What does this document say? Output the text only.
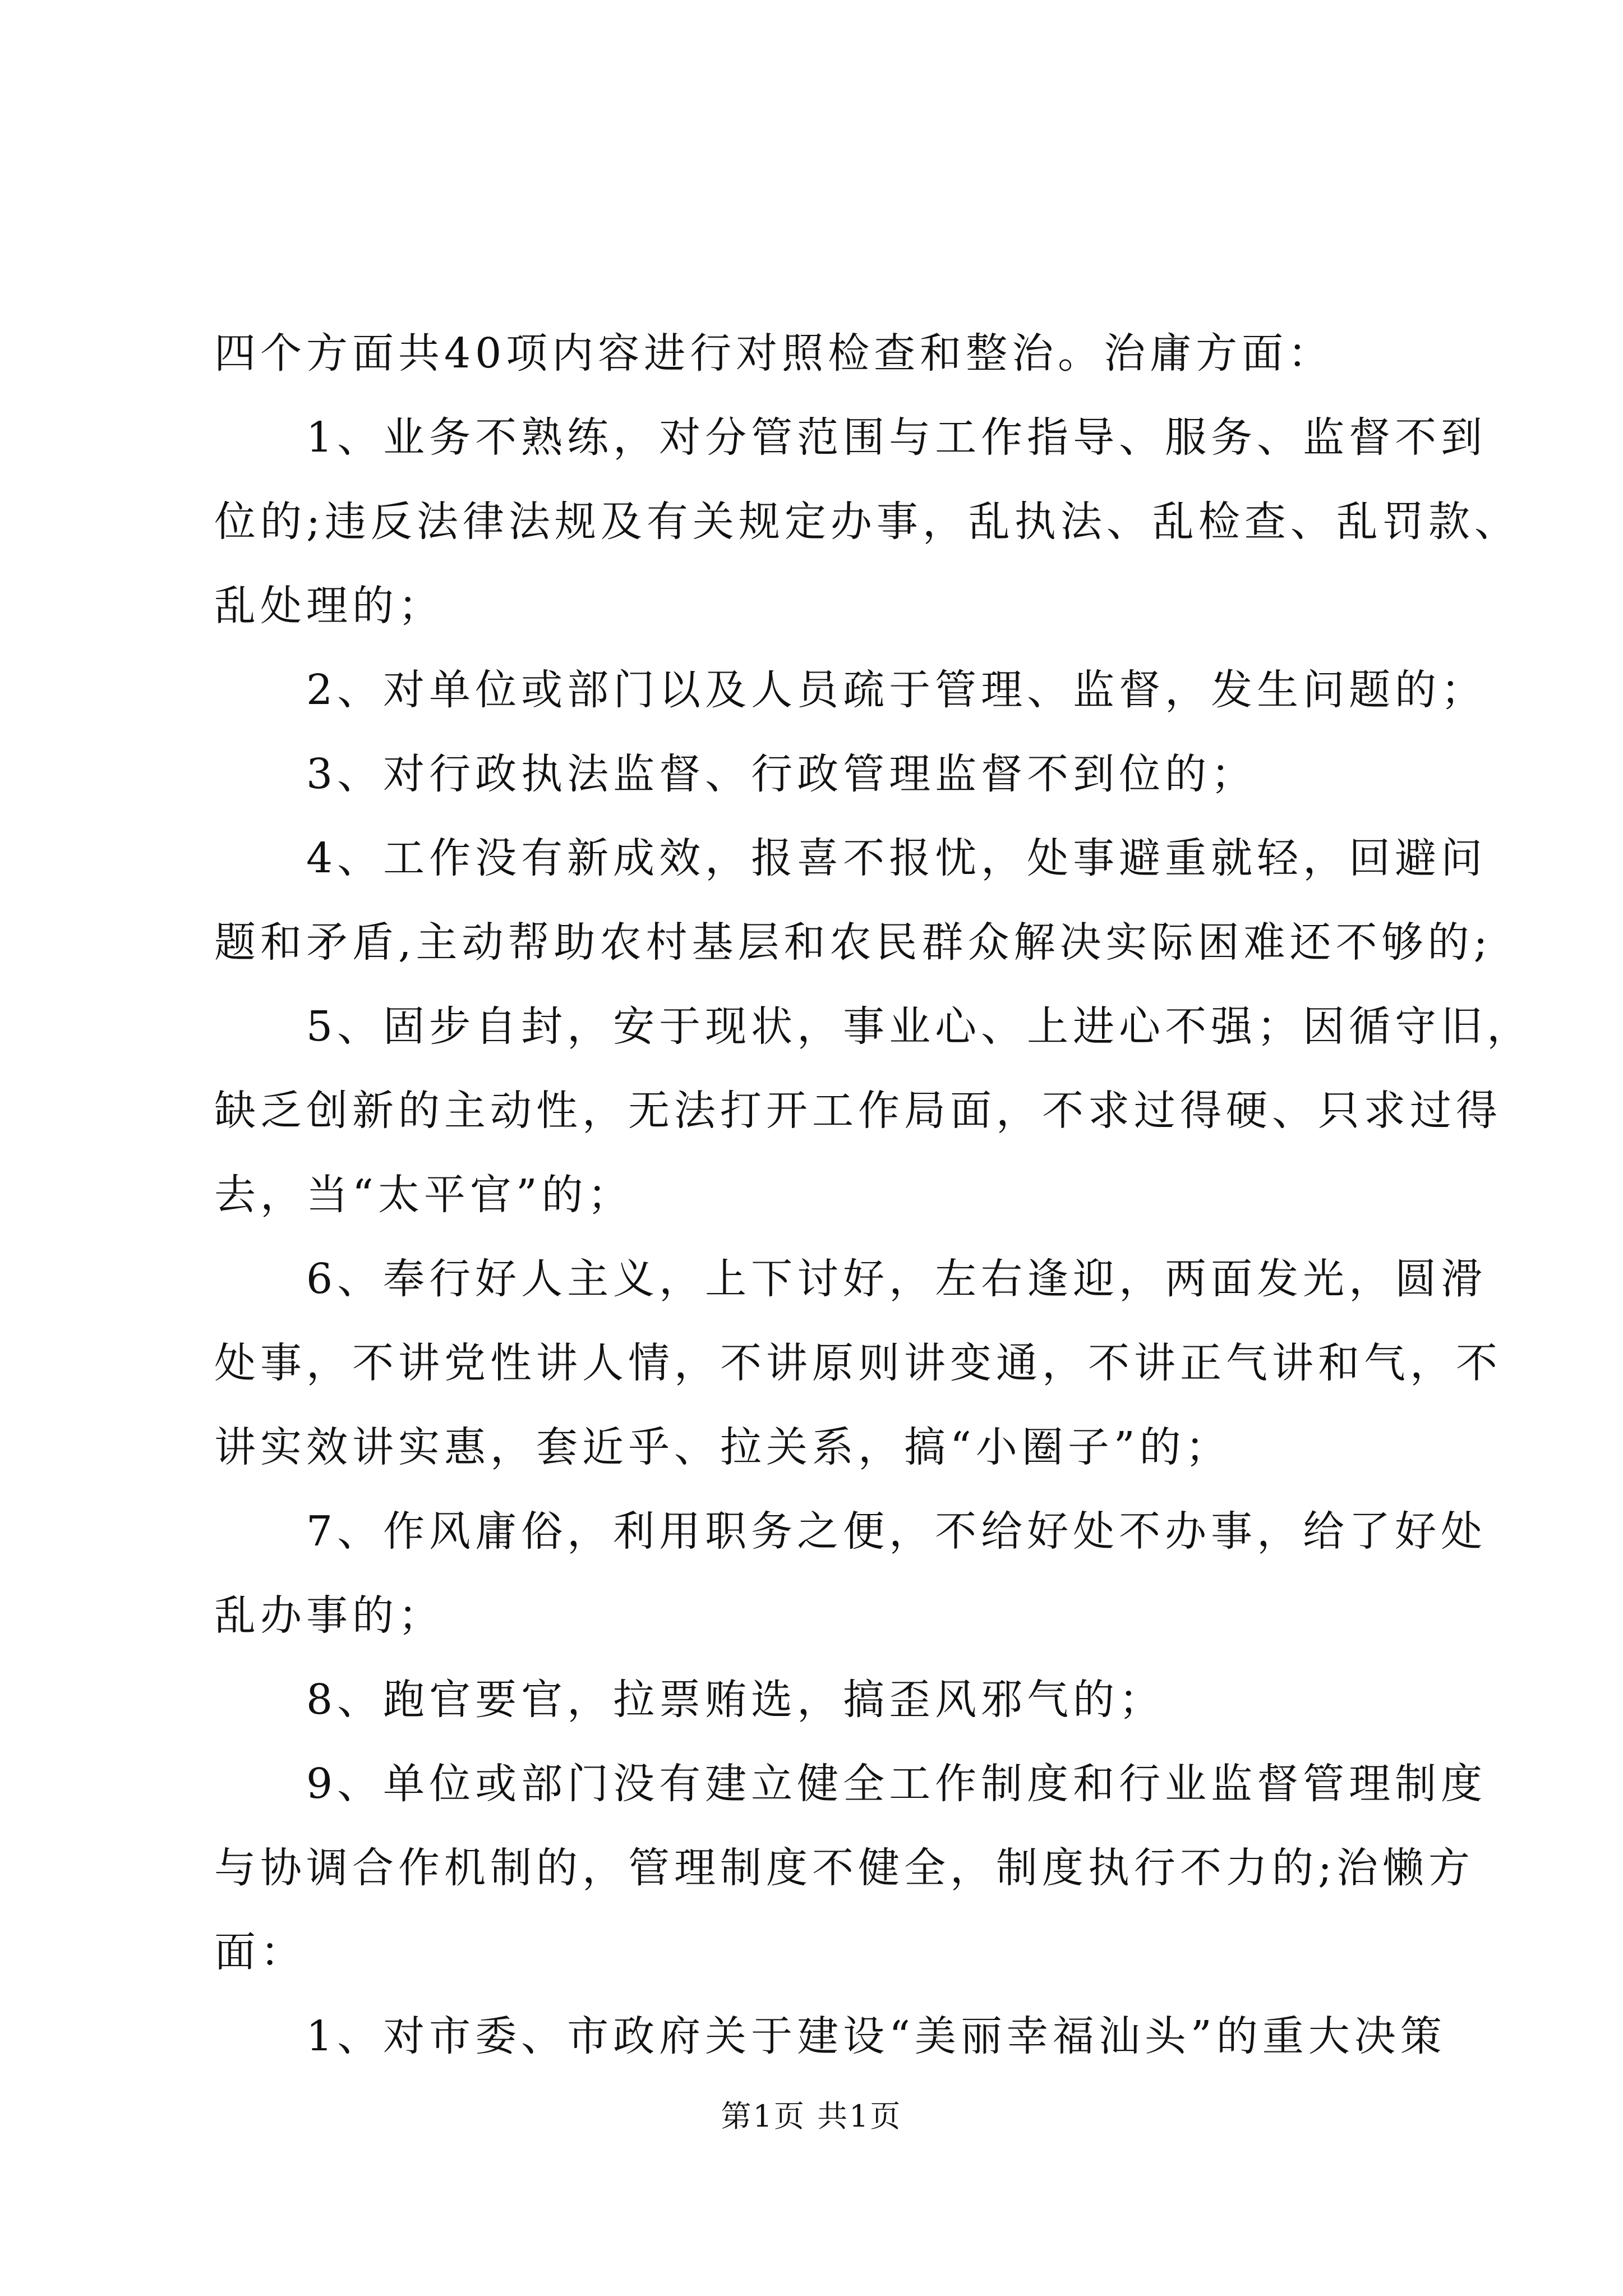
四个方面共40项内容进行对照检查和整治。治庸方面：

　　1、业务不熟练，对分管范围与工作指导、服务、监督不到

位的;违反法律法规及有关规定办事，乱执法、乱检查、乱罚款、

乱处理的；

　　2、对单位或部门以及人员疏于管理、监督，发生问题的；

　　3、对行政执法监督、行政管理监督不到位的；

　　4、工作没有新成效，报喜不报忧，处事避重就轻，回避问

题和矛盾,主动帮助农村基层和农民群众解决实际困难还不够的;

　　5、固步自封，安于现状，事业心、上进心不强；因循守旧，

缺乏创新的主动性，无法打开工作局面，不求过得硬、只求过得

去，当“太平官”的；

　　6、奉行好人主义，上下讨好，左右逢迎，两面发光，圆滑

处事，不讲党性讲人情，不讲原则讲变通，不讲正气讲和气，不

讲实效讲实惠，套近乎、拉关系，搞“小圈子”的；

　　7、作风庸俗，利用职务之便，不给好处不办事，给了好处

乱办事的；

　　8、跑官要官，拉票贿选，搞歪风邪气的；

　　9、单位或部门没有建立健全工作制度和行业监督管理制度

与协调合作机制的，管理制度不健全，制度执行不力的;治懒方

面：

　　1、对市委、市政府关于建设“美丽幸福汕头”的重大决策

第1页 共1页
